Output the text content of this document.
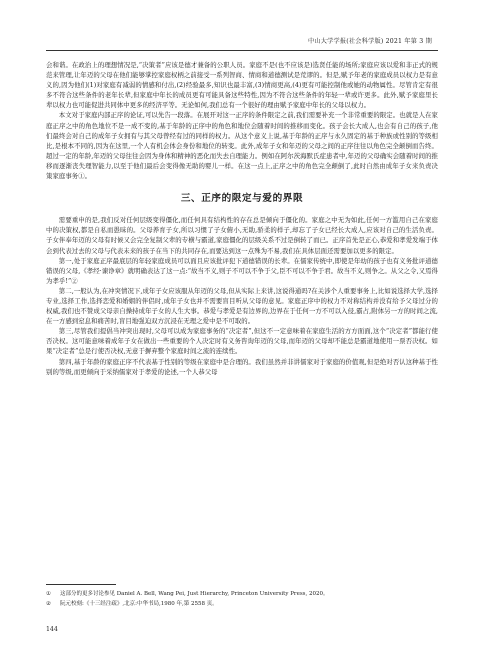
中山大学学报(社会科学版) 2021 年第 3 期

会和谐。在政治上的理想情况是,“决策者”应该是德才兼备的公职人员。家庭不是(也不应该是)选贤任能的场所;家庭应该以爱和非正式的规范来管理,让年迈的父母在他们能够掌控家庭权柄之前接受一系列智商、情商和道德测试是荒谬的。但是,赋予年老的家庭成员以权力是有意义的,因为他们(1)对家庭有减弱的情感和付出,(2)经验最多,知识也最丰富,(3)情商更高,(4)更有可能控制他或她的动物属性。尽管肯定有很多不符合这些条件的老年长辈,但家庭中年长的成员更有可能具备这些特性,因为不符合这些条件的年轻一辈或许更多。此外,赋予家庭里长辈以权力也可能促进共同体中更多的经济平等。无论如何,我们总有一个很好的理由赋予家庭中年长的父母以权力。

本文对于家庭内部正序的论证,可以先告一段落。在展开对这一正序的条件限定之前,我们需要补充一个非常重要的限定。也就是人在家庭正序之中的角色地位不是一成不变的,基于年龄的正序中的角色和地位会随着时间的推移而变化。孩子会长大成人,也会有自己的孩子,他们最终会对自己的成年子女拥有与其父母曾经有过的同样的权力。从这个意义上说,基于年龄的正序与永久固定的基于种族或性别的等级相比,是根本不同的,因为在这里,一个人有机会体会身份和地位的转变。此外,成年子女和年迈的父母之间的正序往往以角色完全颠倒而告终。超过一定的年龄,年迈的父母往往会因为身体和精神的恶化而失去自理能力。例如在阿尔茨海默氏症患者中,年迈的父母确实会随着时间的推移而逐渐丧失理智能力,以至于他们最后会变得像无助的婴儿一样。在这一点上,正序之中的角色完全颠倒了,此时自然由成年子女来负责决策家庭事务①。

三、正序的限定与爱的界限

需要重申的是,我们反对任何层级变得僵化,而任何具有结构性的存在总是倾向于僵化的。家庭之中无为如此,任何一方滥用自己在家庭中的决策权,都是自私而愚昧的。父母养育子女,所以习惯了子女俯小,无助,骄柔的样子,却忘了子女已经长大成人,应该对自己的生活负责。子女伴奉年迈的父母有时候又会完全复制父辈的专横与霸道,家庭僵化的层级关系不过是倒转了而已。正序首先是正心,恭爱和孝爱发端于体会到代表过去的父母与代表未来的孩子在当下的共同存在,而要达到这一点殊为不易,我们在具体层面还需要加以更多的限定。

第一,处于家庭正序最底层的年轻家庭成员可以面且应该批评犯下道德错误的长辈。在儒家传统中,即使是年幼的孩子也有义务批评道德错误的父母,《孝经·谏诤章》就明确表达了这一点:“故当不义,则子不可以不争于父,臣不可以不争于君。故当不义,则争之。从父之令,又焉得为孝乎!”②

第二,一般认为,在冲突情况下,成年子女应该服从年迈的父母,但从实际上来讲,这说得通吗?在关涉个人重要事务上,比如说选择大学,选择专业,选择工作,选择恋爱和婚姻的伴侣时,成年子女也并不需要盲目听从父母的意见。家庭正序中的权力不对称结构并没有给予父母过分的权威,我们也不赞成父母亲自操持成年子女的人生大事。恭爱与孝爱是有边界的,边界在于任何一方不可以入侵,霸占,附体另一方的时间之流,在一方感到窒息和痛苦时,盲目地强迫双方沉浸在无理之爱中是不可取的。

第三,尽管我们提倡当冲突出现时,父母可以成为家庭事务的“决定者”,但这不一定意味着在家庭生活的方方面面,这个“决定者”都能行使否决权。这可能意味着成年子女在做出一些重要的个人决定时有义务咨询年迈的父母,而年迈的父母却不能总是霸道地使用一票否决权。如果“决定者”总是行使否决权,无意于摒弃整个家庭时间之流的连续性。

第四,基于年龄的家庭正序不代表基于性别的等级在家庭中是合理的。我们虽然并非讲儒家对于家庭的价值观,但是绝对否认这种基于性别的等级,而更倾向于采纳儒家对于孝爱的论述,一个人恭父母

①	这部分的更多讨论参见 Daniel A. Bell, Wang Pei, Just Hierarchy, Princeton University Press, 2020。
②	阮元校刻:《十三经注疏》,北京:中华书局,1980 年,第 2558 页。
144
